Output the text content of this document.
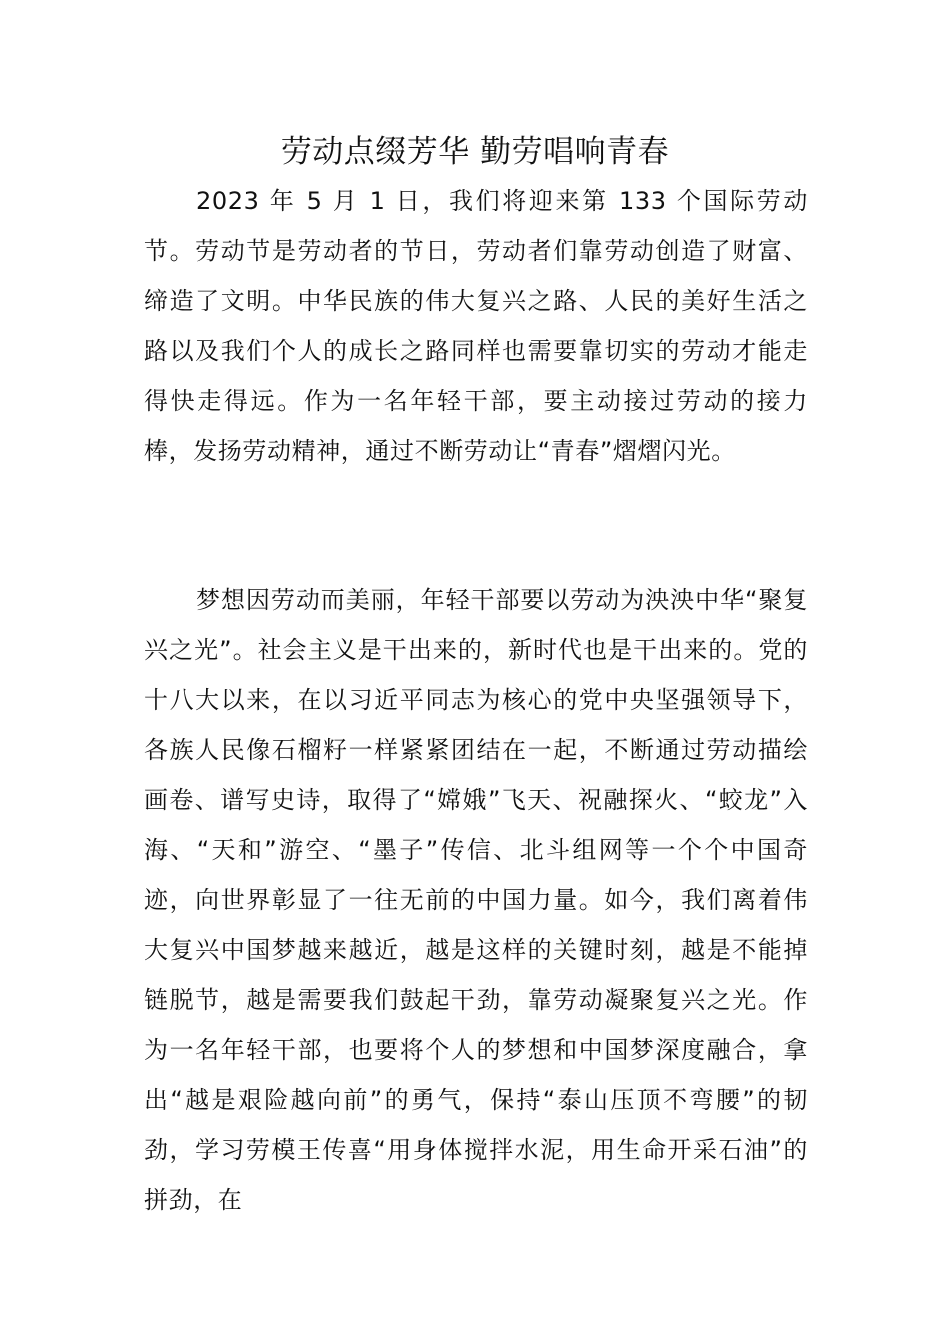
劳动点缀芳华 勤劳唱响青春

2023 年 5 月 1 日，我们将迎来第 133 个国际劳动节。劳动节是劳动者的节日，劳动者们靠劳动创造了财富、缔造了文明。中华民族的伟大复兴之路、人民的美好生活之路以及我们个人的成长之路同样也需要靠切实的劳动才能走得快走得远。作为一名年轻干部，要主动接过劳动的接力棒，发扬劳动精神，通过不断劳动让“青春”熠熠闪光。

梦想因劳动而美丽，年轻干部要以劳动为泱泱中华“聚复兴之光”。社会主义是干出来的，新时代也是干出来的。党的十八大以来，在以习近平同志为核心的党中央坚强领导下，各族人民像石榴籽一样紧紧团结在一起，不断通过劳动描绘画卷、谱写史诗，取得了“嫦娥”飞天、祝融探火、“蛟龙”入海、“天和”游空、“墨子”传信、北斗组网等一个个中国奇迹，向世界彰显了一往无前的中国力量。如今，我们离着伟大复兴中国梦越来越近，越是这样的关键时刻，越是不能掉链脱节，越是需要我们鼓起干劲，靠劳动凝聚复兴之光。作为一名年轻干部，也要将个人的梦想和中国梦深度融合，拿出“越是艰险越向前”的勇气，保持“泰山压顶不弯腰”的韧劲，学习劳模王传喜“用身体搅拌水泥，用生命开采石油”的拼劲，在
